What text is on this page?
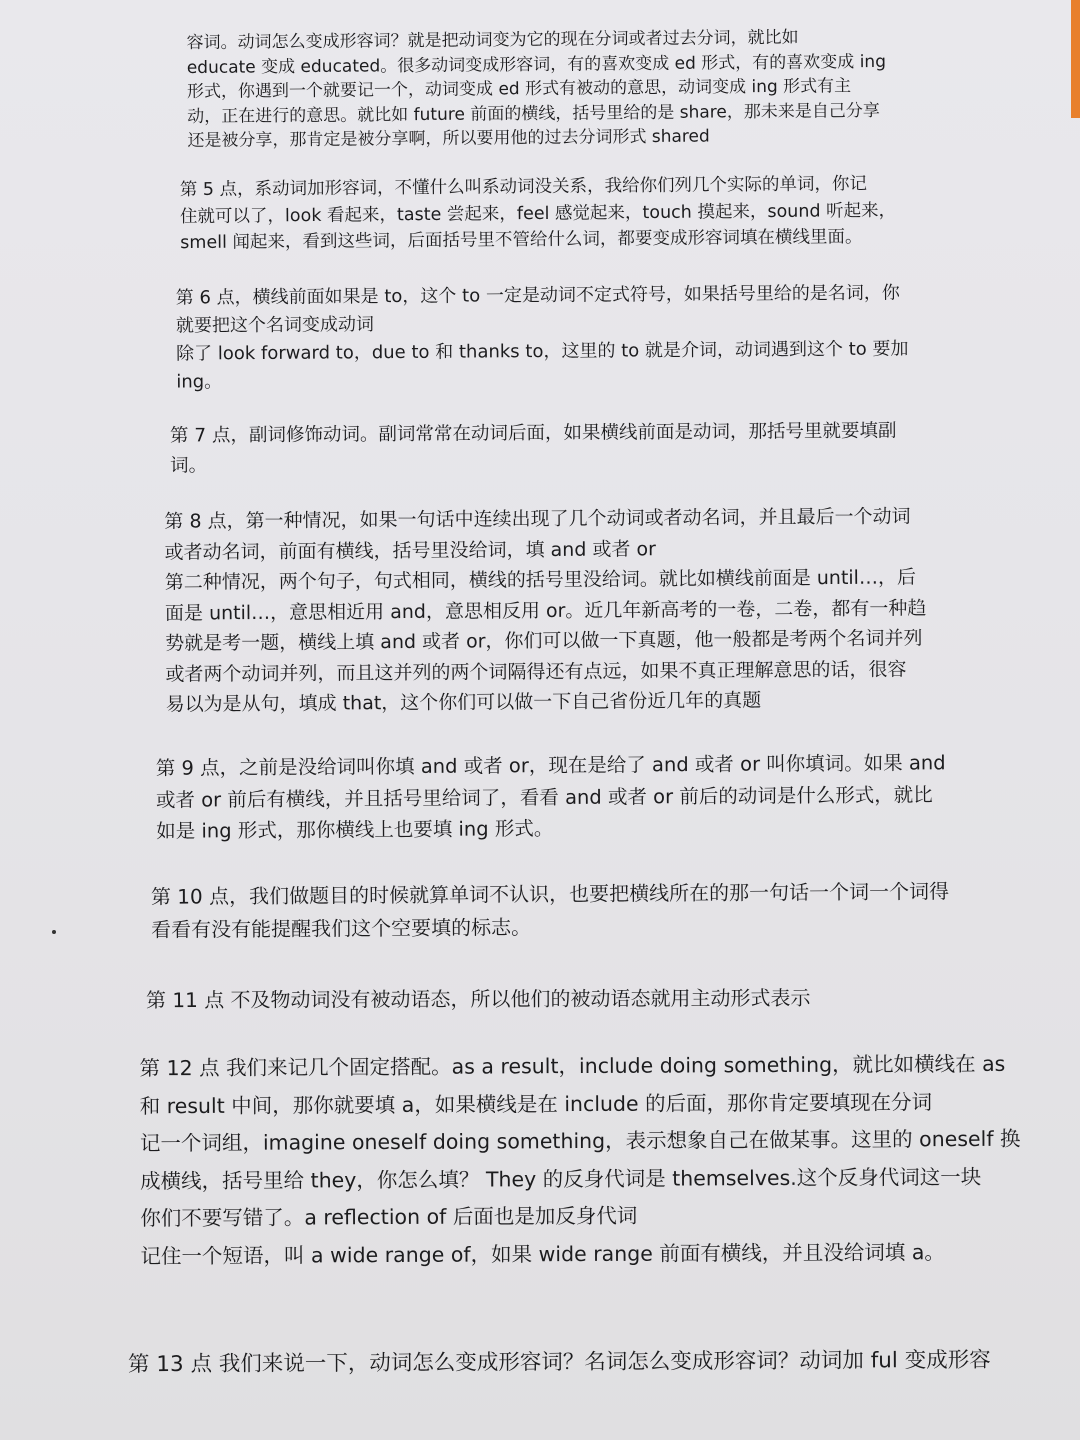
容词。动词怎么变成形容词？就是把动词变为它的现在分词或者过去分词，就比如
educate 变成 educated。很多动词变成形容词，有的喜欢变成 ed 形式，有的喜欢变成 ing
形式，你遇到一个就要记一个，动词变成 ed 形式有被动的意思，动词变成 ing 形式有主
动，正在进行的意思。就比如 future 前面的横线，括号里给的是 share，那未来是自己分享
还是被分享，那肯定是被分享啊，所以要用他的过去分词形式 shared
第 5 点，系动词加形容词，不懂什么叫系动词没关系，我给你们列几个实际的单词，你记
住就可以了，look 看起来，taste 尝起来，feel 感觉起来，touch 摸起来，sound 听起来，
smell 闻起来，看到这些词，后面括号里不管给什么词，都要变成形容词填在横线里面。
第 6 点，横线前面如果是 to，这个 to 一定是动词不定式符号，如果括号里给的是名词，你
就要把这个名词变成动词
除了 look forward to，due to 和 thanks to，这里的 to 就是介词，动词遇到这个 to 要加
ing。
第 7 点，副词修饰动词。副词常常在动词后面，如果横线前面是动词，那括号里就要填副
词。
第 8 点，第一种情况，如果一句话中连续出现了几个动词或者动名词，并且最后一个动词
或者动名词，前面有横线，括号里没给词，填 and 或者 or
第二种情况，两个句子，句式相同，横线的括号里没给词。就比如横线前面是 until…，后
面是 until…，意思相近用 and，意思相反用 or。近几年新高考的一卷，二卷，都有一种趋
势就是考一题，横线上填 and 或者 or，你们可以做一下真题，他一般都是考两个名词并列
或者两个动词并列，而且这并列的两个词隔得还有点远，如果不真正理解意思的话，很容
易以为是从句，填成 that，这个你们可以做一下自己省份近几年的真题
第 9 点，之前是没给词叫你填 and 或者 or，现在是给了 and 或者 or 叫你填词。如果 and
或者 or 前后有横线，并且括号里给词了，看看 and 或者 or 前后的动词是什么形式，就比
如是 ing 形式，那你横线上也要填 ing 形式。
第 10 点，我们做题目的时候就算单词不认识，也要把横线所在的那一句话一个词一个词得
看看有没有能提醒我们这个空要填的标志。
第 11 点 不及物动词没有被动语态，所以他们的被动语态就用主动形式表示
第 12 点 我们来记几个固定搭配。as a result，include doing something，就比如横线在 as
和 result 中间，那你就要填 a，如果横线是在 include 的后面，那你肯定要填现在分词
记一个词组，imagine oneself doing something，表示想象自己在做某事。这里的 oneself 换
成横线，括号里给 they，你怎么填？ They 的反身代词是 themselves.这个反身代词这一块
你们不要写错了。a reflection of 后面也是加反身代词
记住一个短语，叫 a wide range of，如果 wide range 前面有横线，并且没给词填 a。
第 13 点 我们来说一下，动词怎么变成形容词？名词怎么变成形容词？动词加 ful 变成形容
